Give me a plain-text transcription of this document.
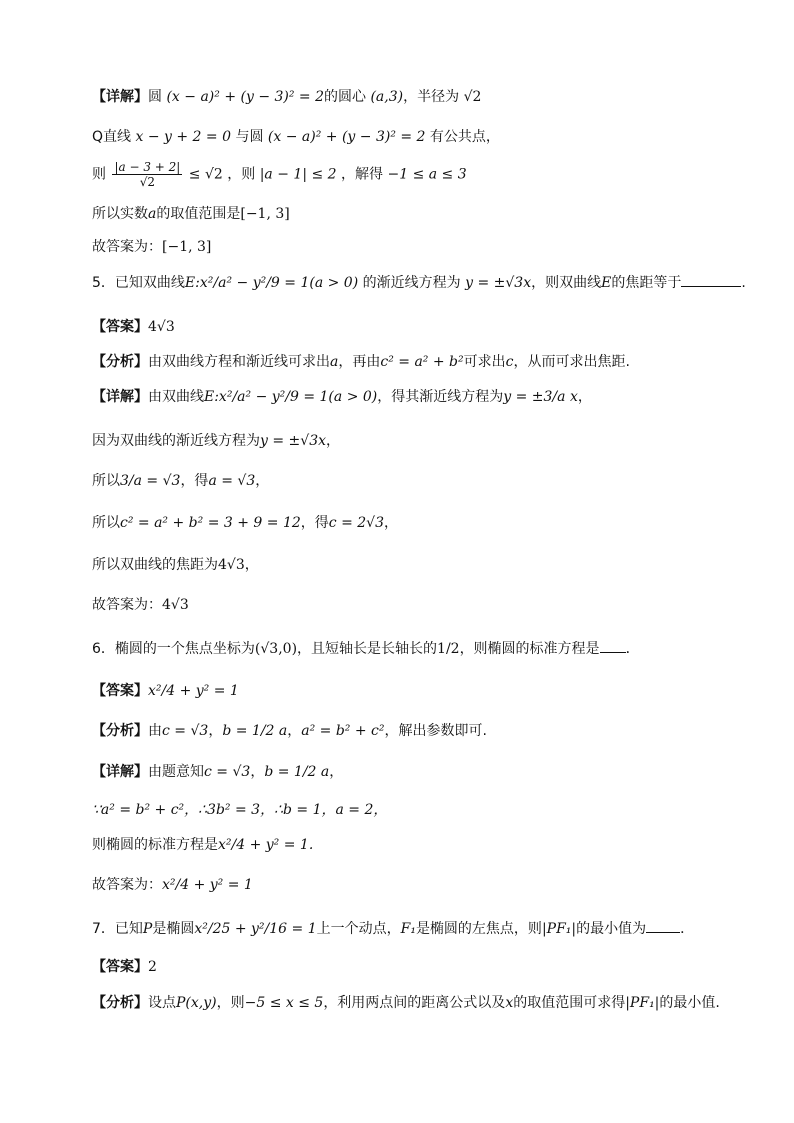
【详解】圆 (x − a)² + (y − 3)² = 2的圆心 (a,3)，半径为 √2
Q直线 x − y + 2 = 0 与圆 (x − a)² + (y − 3)² = 2 有公共点，
则 $\frac{|a - 3 + 2|}{√2} \le √2$ ，则 |a − 1| ≤ 2 ，解得 −1 ≤ a ≤ 3
所以实数a的取值范围是[−1, 3]
故答案为：[−1, 3]
5．已知双曲线E:x²/a² − y²/9 = 1(a > 0) 的渐近线方程为 y = ±√3x，则双曲线E的焦距等于	.
【答案】4√3
【分析】由双曲线方程和渐近线可求出a，再由c² = a² + b²可求出c，从而可求出焦距.
【详解】由双曲线E:x²/a² − y²/9 = 1(a > 0)，得其渐近线方程为y = ±3/a x，
因为双曲线的渐近线方程为y = ±√3x，
所以3/a = √3，得a = √3，
所以c² = a² + b² = 3 + 9 = 12，得c = 2√3，
所以双曲线的焦距为4√3，
故答案为：4√3
6．椭圆的一个焦点坐标为(√3,0)，且短轴长是长轴长的1/2，则椭圆的标准方程是 ．
【答案】x²/4 + y² = 1
【分析】由c = √3，b = 1/2 a，a² = b² + c²，解出参数即可.
【详解】由题意知c = √3，b = 1/2 a，
∵a² = b² + c²，∴3b² = 3，∴b = 1，a = 2，
则椭圆的标准方程是x²/4 + y² = 1.
故答案为：x²/4 + y² = 1
7．已知P是椭圆x²/25 + y²/16 = 1上一个动点，F₁是椭圆的左焦点，则|PF₁|的最小值为 ．
【答案】2
【分析】设点P(x,y)，则−5 ≤ x ≤ 5，利用两点间的距离公式以及x的取值范围可求得|PF₁|的最小值.
